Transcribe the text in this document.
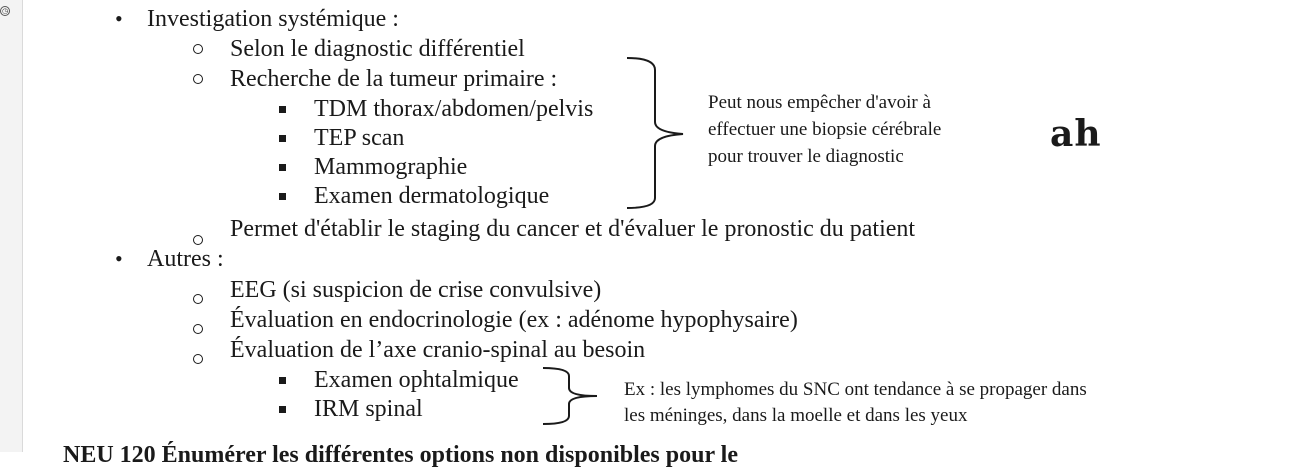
◷	• Investigation systémique :
Selon le diagnostic différentiel
Recherche de la tumeur primaire :
TDM thorax/abdomen/pelvis
TEP scan
Mammographie
Examen dermatologique
Peut nous empêcher d'avoir à
effectuer une biopsie cérébrale
pour trouver le diagnostic
ah
Permet d'établir le staging du cancer et d'évaluer le pronostic du patient
• Autres :
EEG (si suspicion de crise convulsive)
Évaluation en endocrinologie (ex : adénome hypophysaire)
Évaluation de l’axe cranio-spinal au besoin
Examen ophtalmique
IRM spinal
Ex : les lymphomes du SNC ont tendance à se propager dans
les méninges, dans la moelle et dans les yeux
NEU 120 Énumérer les différentes options non disponibles pour le
